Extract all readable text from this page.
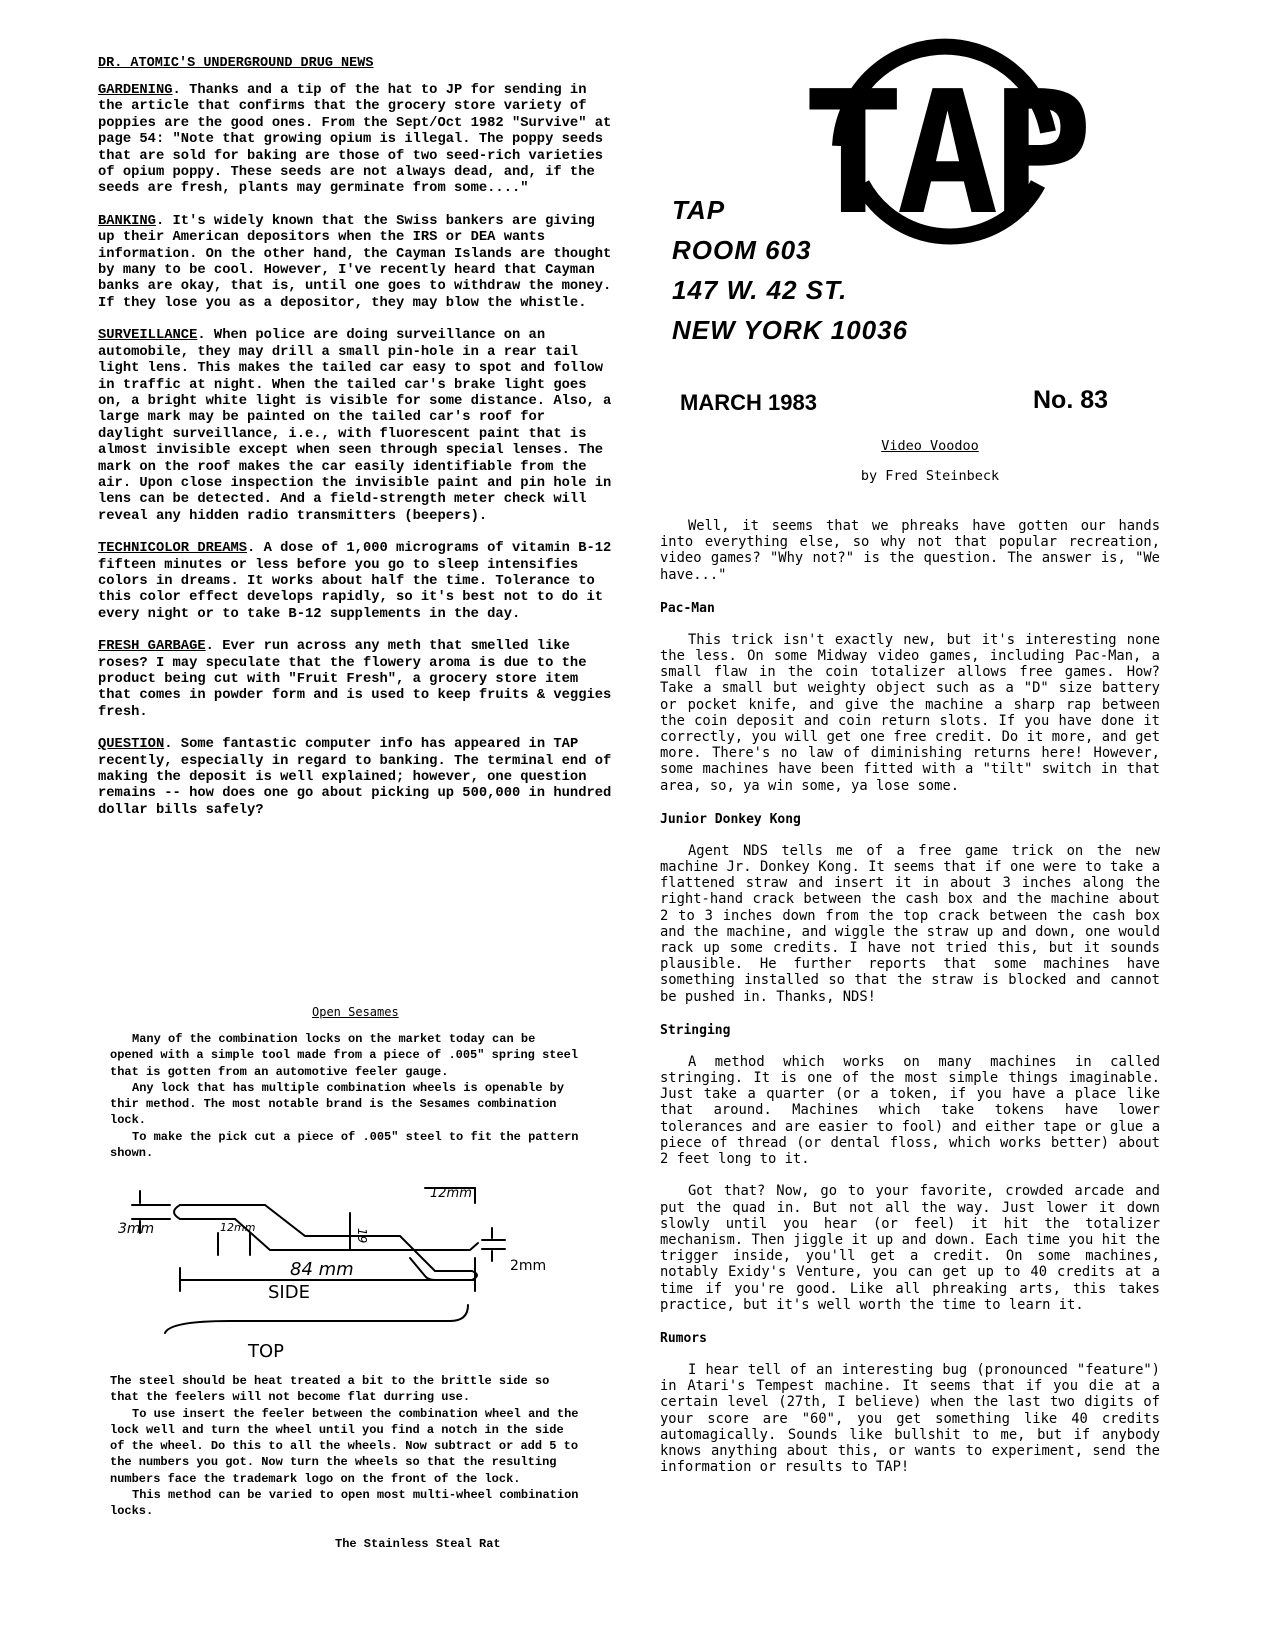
DR. ATOMIC'S UNDERGROUND DRUG NEWS

GARDENING. Thanks and a tip of the hat to JP for sending in the article that confirms that the grocery store variety of poppies are the good ones. From the Sept/Oct 1982 "Survive" at page 54: "Note that growing opium is illegal. The poppy seeds that are sold for baking are those of two seed-rich varieties of opium poppy. These seeds are not always dead, and, if the seeds are fresh, plants may germinate from some...."

BANKING. It's widely known that the Swiss bankers are giving up their American depositors when the IRS or DEA wants information. On the other hand, the Cayman Islands are thought by many to be cool. However, I've recently heard that Cayman banks are okay, that is, until one goes to withdraw the money. If they lose you as a depositor, they may blow the whistle.

SURVEILLANCE. When police are doing surveillance on an automobile, they may drill a small pin-hole in a rear tail light lens. This makes the tailed car easy to spot and follow in traffic at night. When the tailed car's brake light goes on, a bright white light is visible for some distance. Also, a large mark may be painted on the tailed car's roof for daylight surveillance, i.e., with fluorescent paint that is almost invisible except when seen through special lenses. The mark on the roof makes the car easily identifiable from the air. Upon close inspection the invisible paint and pin hole in lens can be detected. And a field-strength meter check will reveal any hidden radio transmitters (beepers).

TECHNICOLOR DREAMS. A dose of 1,000 micrograms of vitamin B-12 fifteen minutes or less before you go to sleep intensifies colors in dreams. It works about half the time. Tolerance to this color effect develops rapidly, so it's best not to do it every night or to take B-12 supplements in the day.

FRESH GARBAGE. Ever run across any meth that smelled like roses? I may speculate that the flowery aroma is due to the product being cut with "Fruit Fresh", a grocery store item that comes in powder form and is used to keep fruits & veggies fresh.

QUESTION. Some fantastic computer info has appeared in TAP recently, especially in regard to banking. The terminal end of making the deposit is well explained; however, one question remains -- how does one go about picking up 500,000 in hundred dollar bills safely?

Open Sesames

Many of the combination locks on the market today can be opened with a simple tool made from a piece of .005" spring steel that is gotten from an automotive feeler gauge.

Any lock that has multiple combination wheels is openable by thir method. The most notable brand is the Sesames combination lock.

To make the pick cut a piece of .005" steel to fit the pattern shown.

3mm	12mm
19
12mm
84 mm	2mm
SIDE
TOP

The steel should be heat treated a bit to the brittle side so that the feelers will not become flat durring use.

To use insert the feeler between the combination wheel and the lock well and turn the wheel until you find a notch in the side of the wheel. Do this to all the wheels. Now subtract or add 5 to the numbers you got. Now turn the wheels so that the resulting numbers face the trademark logo on the front of the lock.

This method can be varied to open most multi-wheel combination locks.

The Stainless Steal Rat

TAP
TAP
ROOM 603
147 W. 42 ST.
NEW YORK 10036
MARCH 1983	No. 83
Video Voodoo
by Fred Steinbeck

Well, it seems that we phreaks have gotten our hands into everything else, so why not that popular recreation, video games? "Why not?" is the question. The answer is, "We have..."

Pac-Man

This trick isn't exactly new, but it's interesting none the less. On some Midway video games, including Pac-Man, a small flaw in the coin totalizer allows free games. How? Take a small but weighty object such as a "D" size battery or pocket knife, and give the machine a sharp rap between the coin deposit and coin return slots. If you have done it correctly, you will get one free credit. Do it more, and get more. There's no law of diminishing returns here! However, some machines have been fitted with a "tilt" switch in that area, so, ya win some, ya lose some.

Junior Donkey Kong

Agent NDS tells me of a free game trick on the new machine Jr. Donkey Kong. It seems that if one were to take a flattened straw and insert it in about 3 inches along the right-hand crack between the cash box and the machine about 2 to 3 inches down from the top crack between the cash box and the machine, and wiggle the straw up and down, one would rack up some credits. I have not tried this, but it sounds plausible. He further reports that some machines have something installed so that the straw is blocked and cannot be pushed in. Thanks, NDS!

Stringing

A method which works on many machines in called stringing. It is one of the most simple things imaginable. Just take a quarter (or a token, if you have a place like that around. Machines which take tokens have lower tolerances and are easier to fool) and either tape or glue a piece of thread (or dental floss, which works better) about 2 feet long to it.

Got that? Now, go to your favorite, crowded arcade and put the quad in. But not all the way. Just lower it down slowly until you hear (or feel) it hit the totalizer mechanism. Then jiggle it up and down. Each time you hit the trigger inside, you'll get a credit. On some machines, notably Exidy's Venture, you can get up to 40 credits at a time if you're good. Like all phreaking arts, this takes practice, but it's well worth the time to learn it.

Rumors

I hear tell of an interesting bug (pronounced "feature") in Atari's Tempest machine. It seems that if you die at a certain level (27th, I believe) when the last two digits of your score are "60", you get something like 40 credits automagically. Sounds like bullshit to me, but if anybody knows anything about this, or wants to experiment, send the information or results to TAP!
